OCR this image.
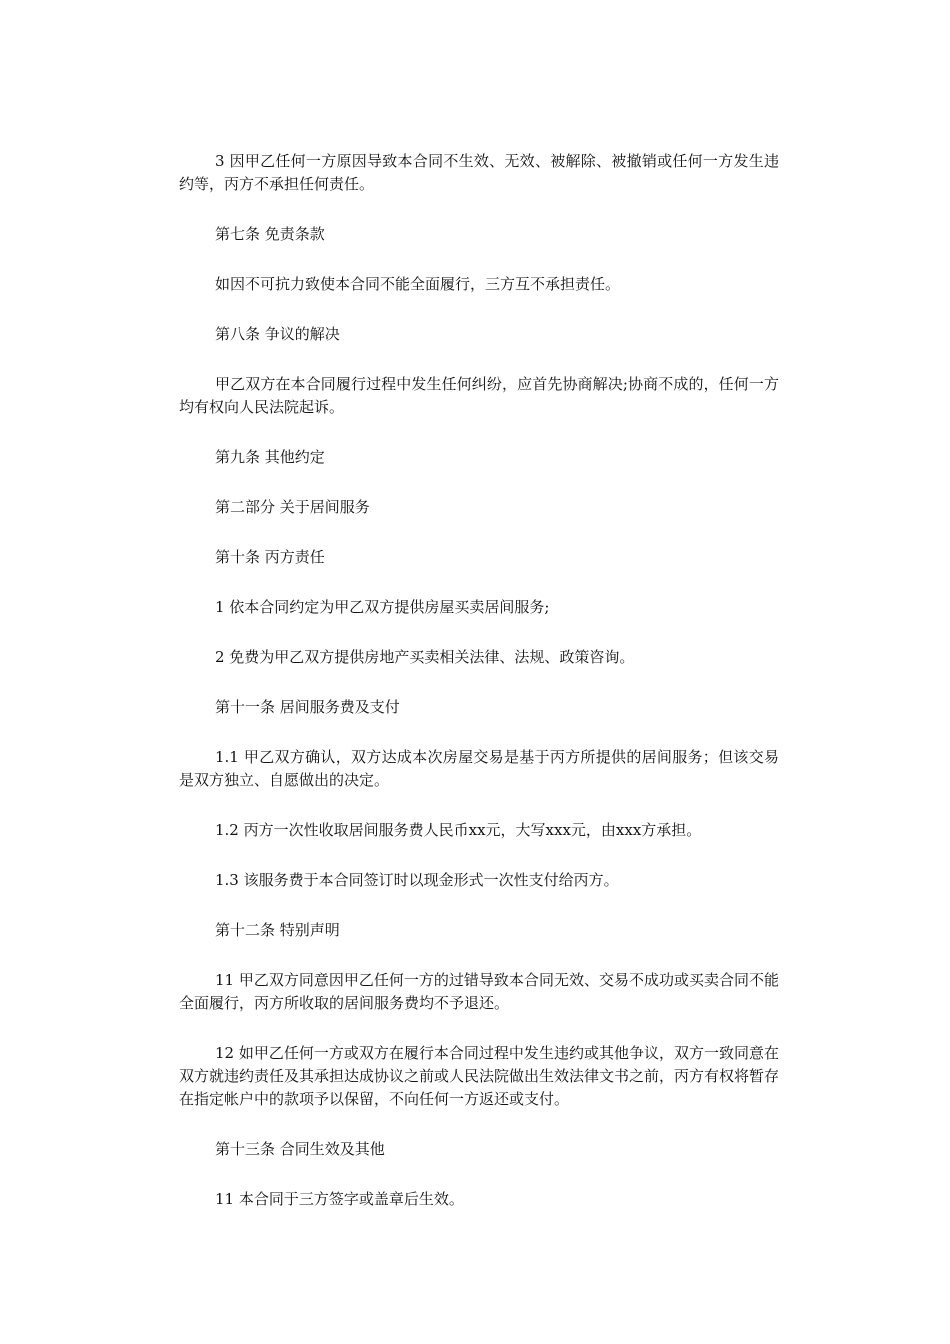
3 因甲乙任何一方原因导致本合同不生效、无效、被解除、被撤销或任何一方发生违约等，丙方不承担任何责任。

第七条 免责条款

如因不可抗力致使本合同不能全面履行，三方互不承担责任。

第八条 争议的解决

甲乙双方在本合同履行过程中发生任何纠纷，应首先协商解决;协商不成的，任何一方均有权向人民法院起诉。

第九条 其他约定

第二部分 关于居间服务

第十条 丙方责任

1 依本合同约定为甲乙双方提供房屋买卖居间服务;

2 免费为甲乙双方提供房地产买卖相关法律、法规、政策咨询。

第十一条 居间服务费及支付

1.1 甲乙双方确认，双方达成本次房屋交易是基于丙方所提供的居间服务；但该交易是双方独立、自愿做出的决定。

1.2 丙方一次性收取居间服务费人民币xx元，大写xxx元，由xxx方承担。

1.3 该服务费于本合同签订时以现金形式一次性支付给丙方。

第十二条 特别声明

11 甲乙双方同意因甲乙任何一方的过错导致本合同无效、交易不成功或买卖合同不能全面履行，丙方所收取的居间服务费均不予退还。

12 如甲乙任何一方或双方在履行本合同过程中发生违约或其他争议，双方一致同意在双方就违约责任及其承担达成协议之前或人民法院做出生效法律文书之前，丙方有权将暂存在指定帐户中的款项予以保留，不向任何一方返还或支付。

第十三条 合同生效及其他

11 本合同于三方签字或盖章后生效。
